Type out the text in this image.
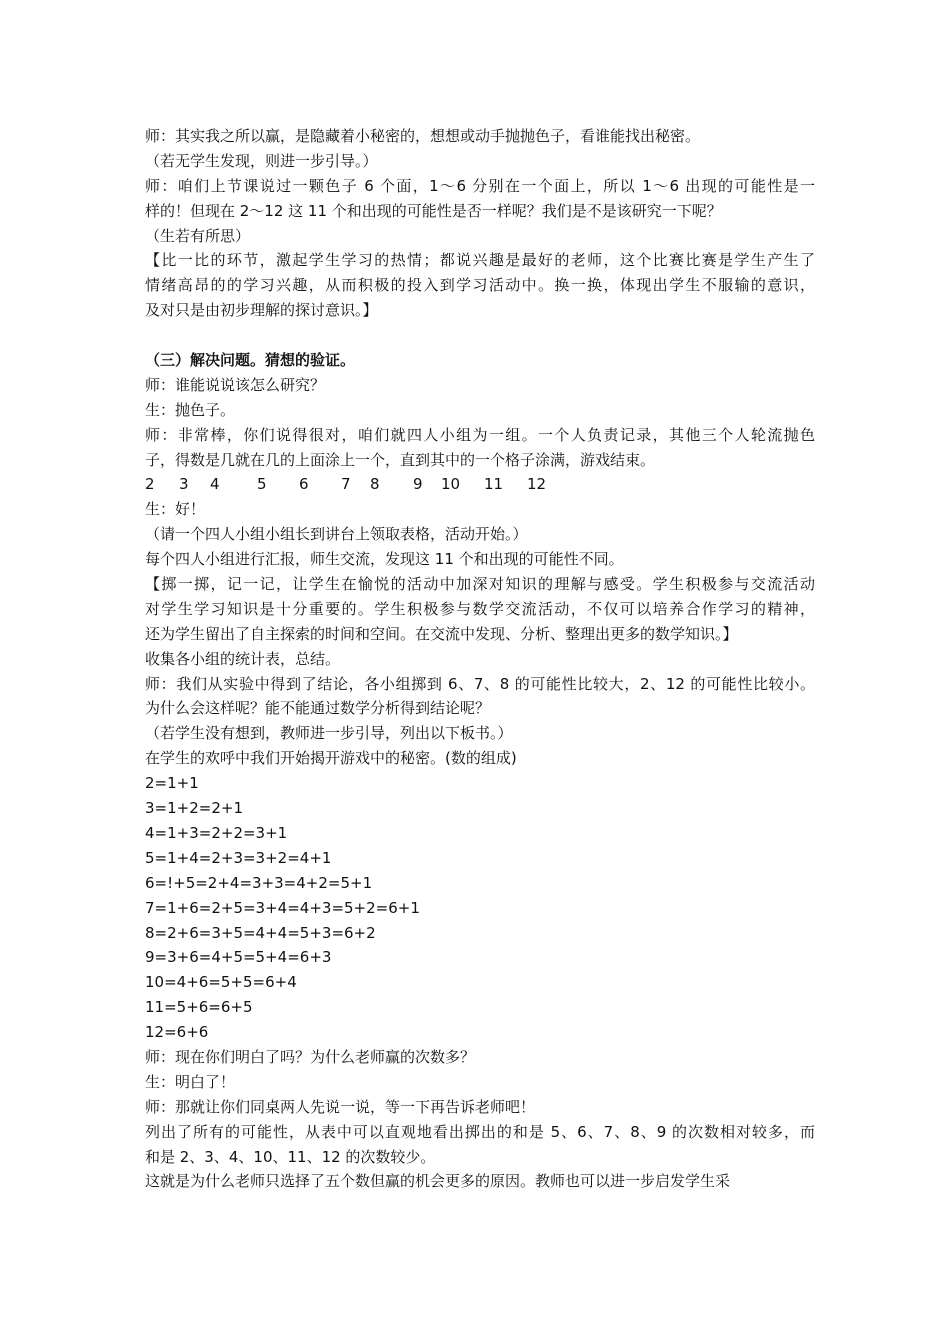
师：其实我之所以赢，是隐藏着小秘密的，想想或动手抛抛色子，看谁能找出秘密。
（若无学生发现，则进一步引导。）
师：咱们上节课说过一颗色子 6 个面，1～6 分别在一个面上，所以 1～6 出现的可能性是一
样的！但现在 2～12 这 11 个和出现的可能性是否一样呢？我们是不是该研究一下呢？
（生若有所思）
【比一比的环节，激起学生学习的热情；都说兴趣是最好的老师，这个比赛比赛是学生产生了
情绪高昂的的学习兴趣，从而积极的投入到学习活动中。换一换，体现出学生不服输的意识，
及对只是由初步理解的探讨意识。】
（三）解决问题。猜想的验证。
师：谁能说说该怎么研究？
生：抛色子。
师：非常棒，你们说得很对，咱们就四人小组为一组。一个人负责记录，其他三个人轮流抛色
子，得数是几就在几的上面涂上一个，直到其中的一个格子涂满，游戏结束。
2	3	4	5	6	7	8	9	10	11	12
生：好！
（请一个四人小组小组长到讲台上领取表格，活动开始。）
每个四人小组进行汇报，师生交流，发现这 11 个和出现的可能性不同。
【掷一掷，记一记，让学生在愉悦的活动中加深对知识的理解与感受。学生积极参与交流活动
对学生学习知识是十分重要的。学生积极参与数学交流活动，不仅可以培养合作学习的精神，
还为学生留出了自主探索的时间和空间。在交流中发现、分析、整理出更多的数学知识。】
收集各小组的统计表，总结。
师：我们从实验中得到了结论，各小组掷到 6、7、8 的可能性比较大，2、12 的可能性比较小。
为什么会这样呢？能不能通过数学分析得到结论呢？
（若学生没有想到，教师进一步引导，列出以下板书。）
在学生的欢呼中我们开始揭开游戏中的秘密。(数的组成)
2=1+1
3=1+2=2+1
4=1+3=2+2=3+1
5=1+4=2+3=3+2=4+1
6=!+5=2+4=3+3=4+2=5+1
7=1+6=2+5=3+4=4+3=5+2=6+1
8=2+6=3+5=4+4=5+3=6+2
9=3+6=4+5=5+4=6+3
10=4+6=5+5=6+4
11=5+6=6+5
12=6+6
师：现在你们明白了吗？为什么老师赢的次数多？
生：明白了！
师：那就让你们同桌两人先说一说，等一下再告诉老师吧！
列出了所有的可能性，从表中可以直观地看出掷出的和是 5、6、7、8、9 的次数相对较多，而
和是 2、3、4、10、11、12 的次数较少。
这就是为什么老师只选择了五个数但赢的机会更多的原因。教师也可以进一步启发学生采
